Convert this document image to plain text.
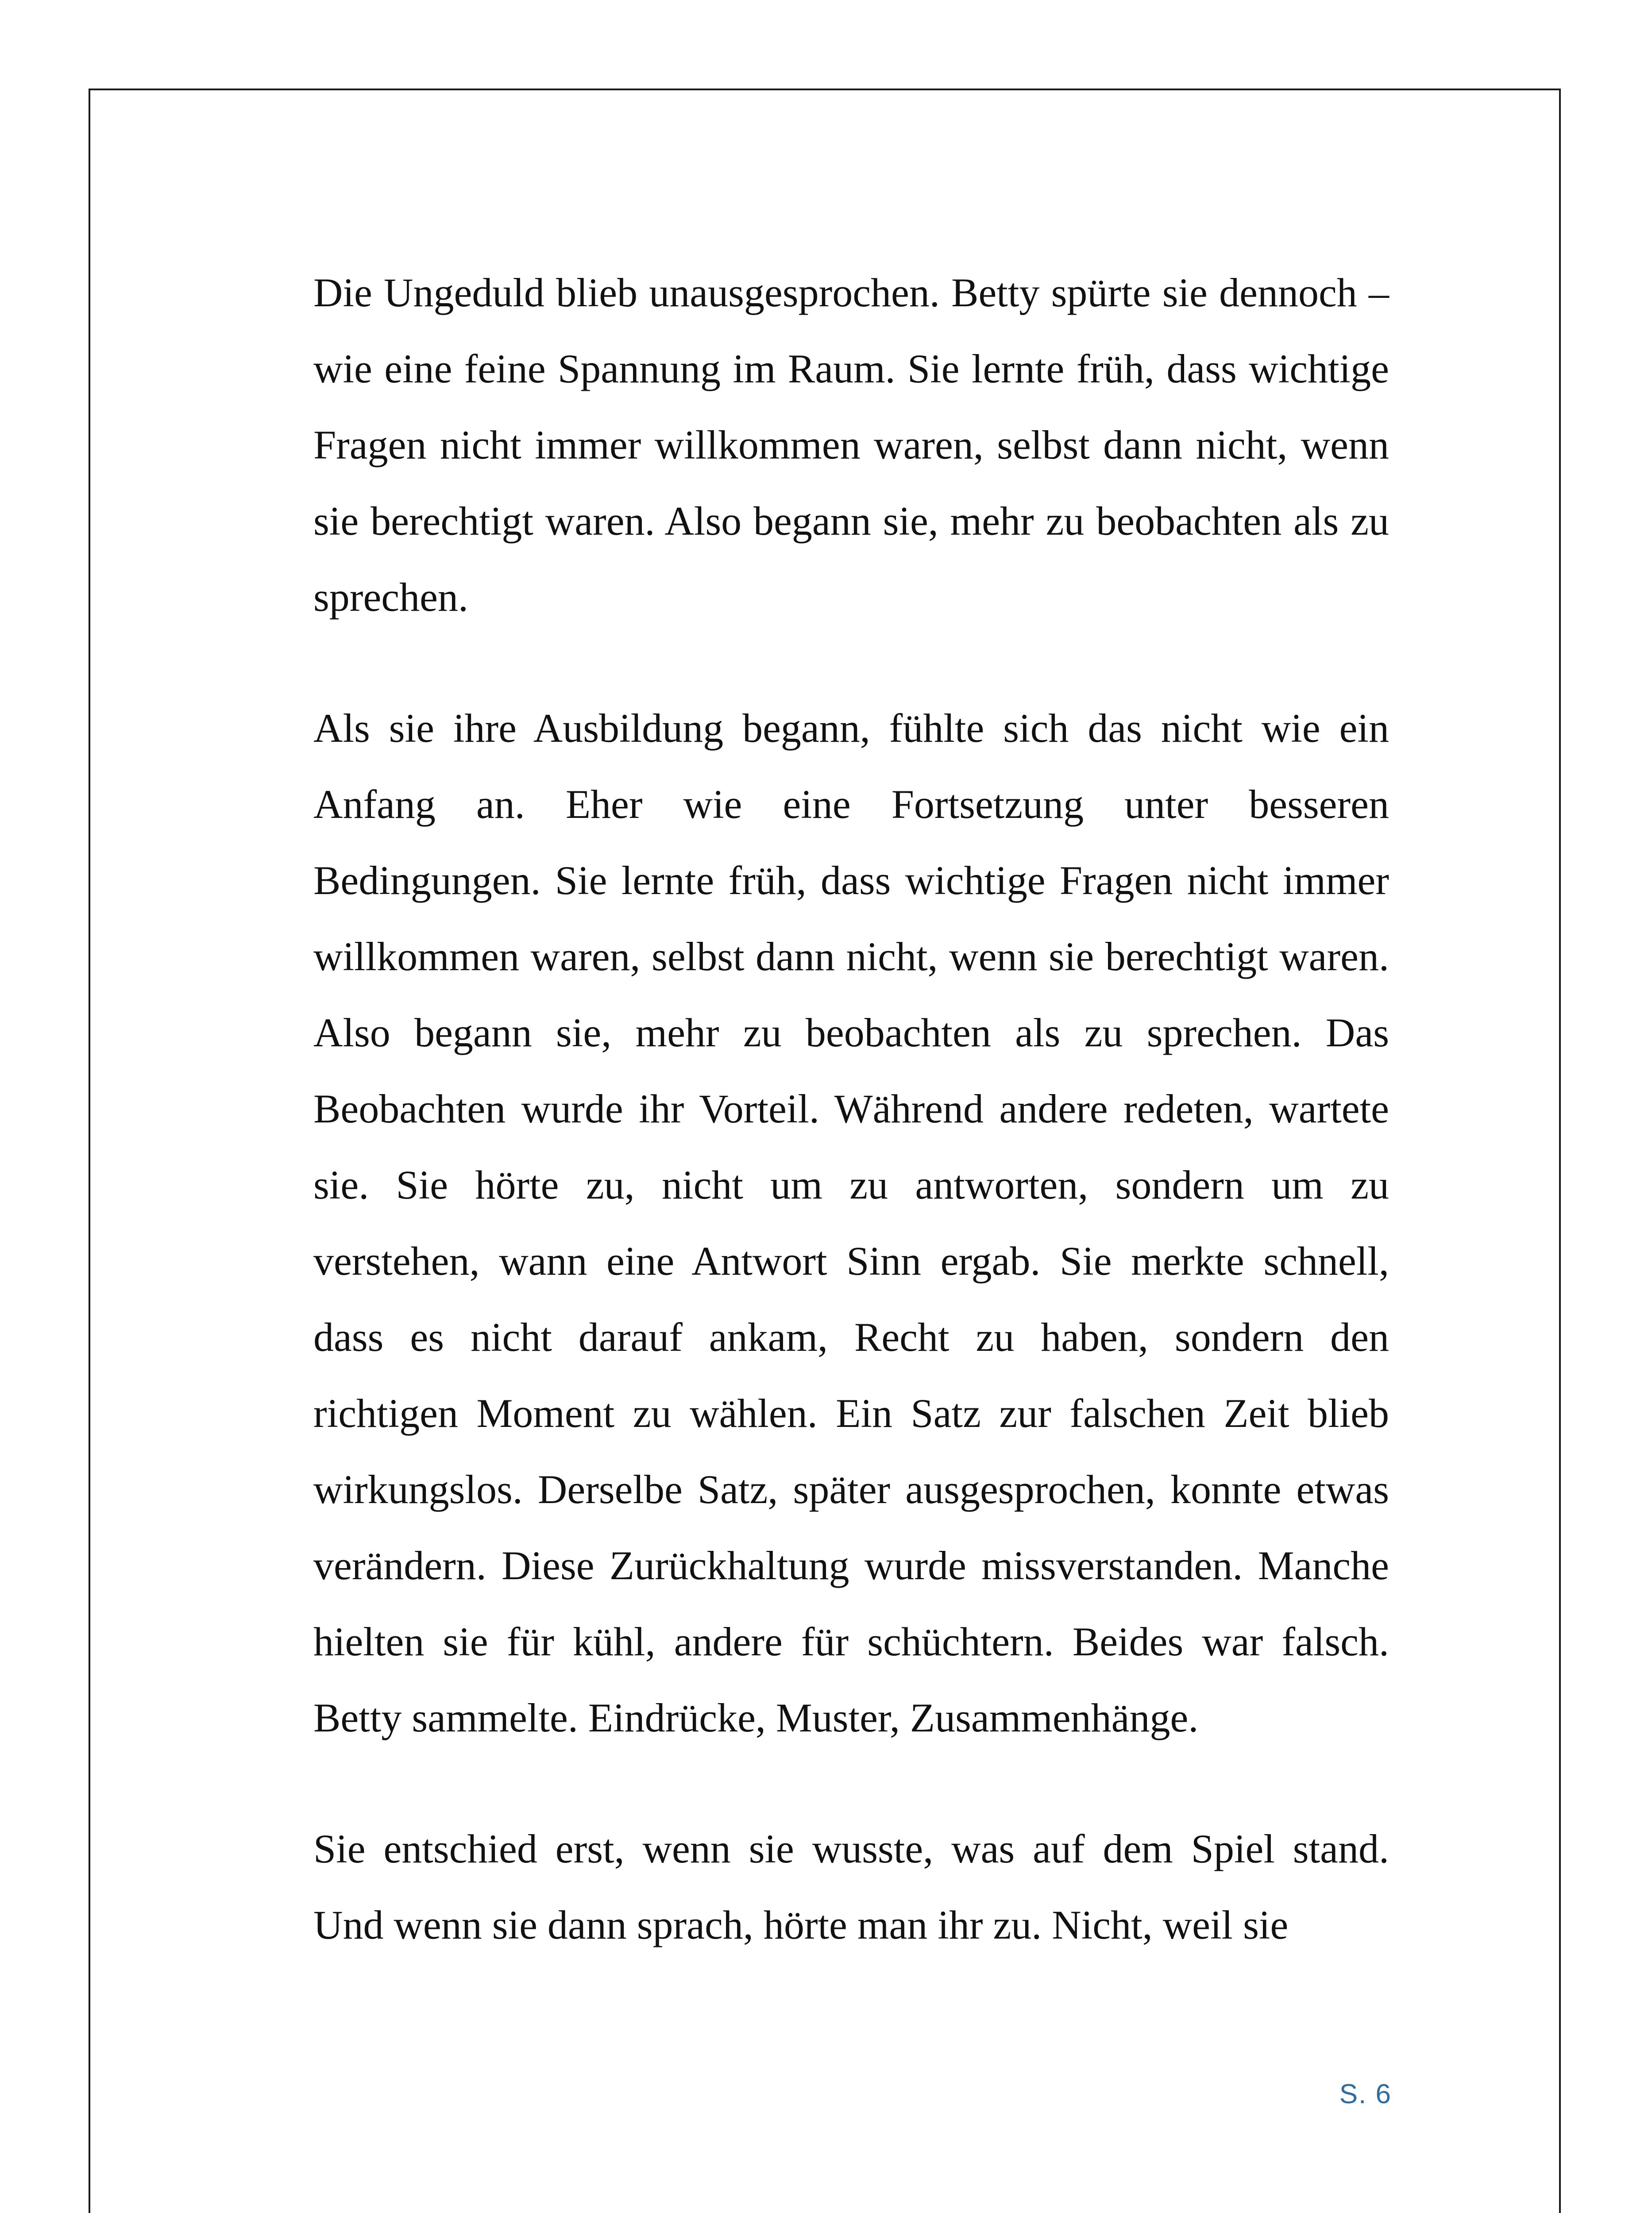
Die Ungeduld blieb unausgesprochen. Betty spürte sie dennoch – wie eine feine Spannung im Raum. Sie lernte früh, dass wichtige Fragen nicht immer willkommen waren, selbst dann nicht, wenn sie berechtigt waren. Also begann sie, mehr zu beobachten als zu sprechen.

Als sie ihre Ausbildung begann, fühlte sich das nicht wie ein Anfang an. Eher wie eine Fortsetzung unter besseren Bedingungen. Sie lernte früh, dass wichtige Fragen nicht immer willkommen waren, selbst dann nicht, wenn sie berechtigt waren. Also begann sie, mehr zu beobachten als zu sprechen. Das Beobachten wurde ihr Vorteil. Während andere redeten, wartete sie. Sie hörte zu, nicht um zu antworten, sondern um zu verstehen, wann eine Antwort Sinn ergab. Sie merkte schnell, dass es nicht darauf ankam, Recht zu haben, sondern den richtigen Moment zu wählen. Ein Satz zur falschen Zeit blieb wirkungslos. Derselbe Satz, später ausgesprochen, konnte etwas verändern. Diese Zurückhaltung wurde missverstanden. Manche hielten sie für kühl, andere für schüchtern. Beides war falsch. Betty sammelte. Eindrücke, Muster, Zusammenhänge.

Sie entschied erst, wenn sie wusste, was auf dem Spiel stand. Und wenn sie dann sprach, hörte man ihr zu. Nicht, weil sie

S. 6
